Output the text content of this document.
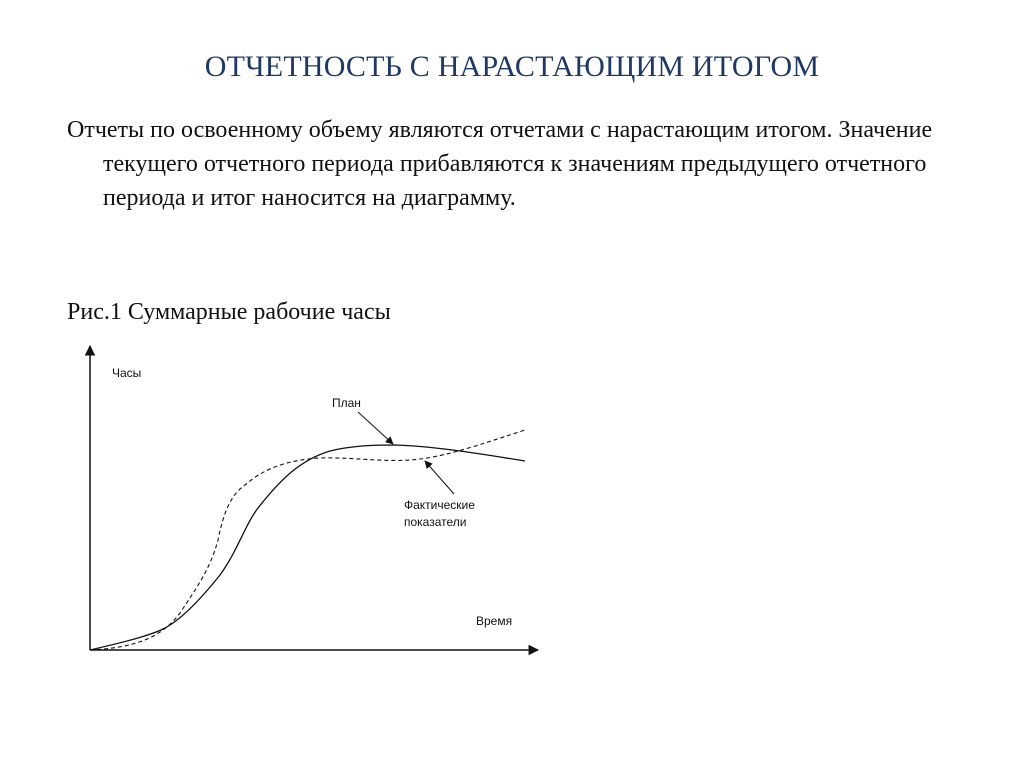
ОТЧЕТНОСТЬ С НАРАСТАЮЩИМ ИТОГОМ

Отчеты по освоенному объему являются отчетами с нарастающим итогом. Значение текущего отчетного периода прибавляются к значениям предыдущего отчетного периода и итог наносится на диаграмму.

Рис.1 Суммарные рабочие часы

Часы
Время
План
Фактические
показатели
